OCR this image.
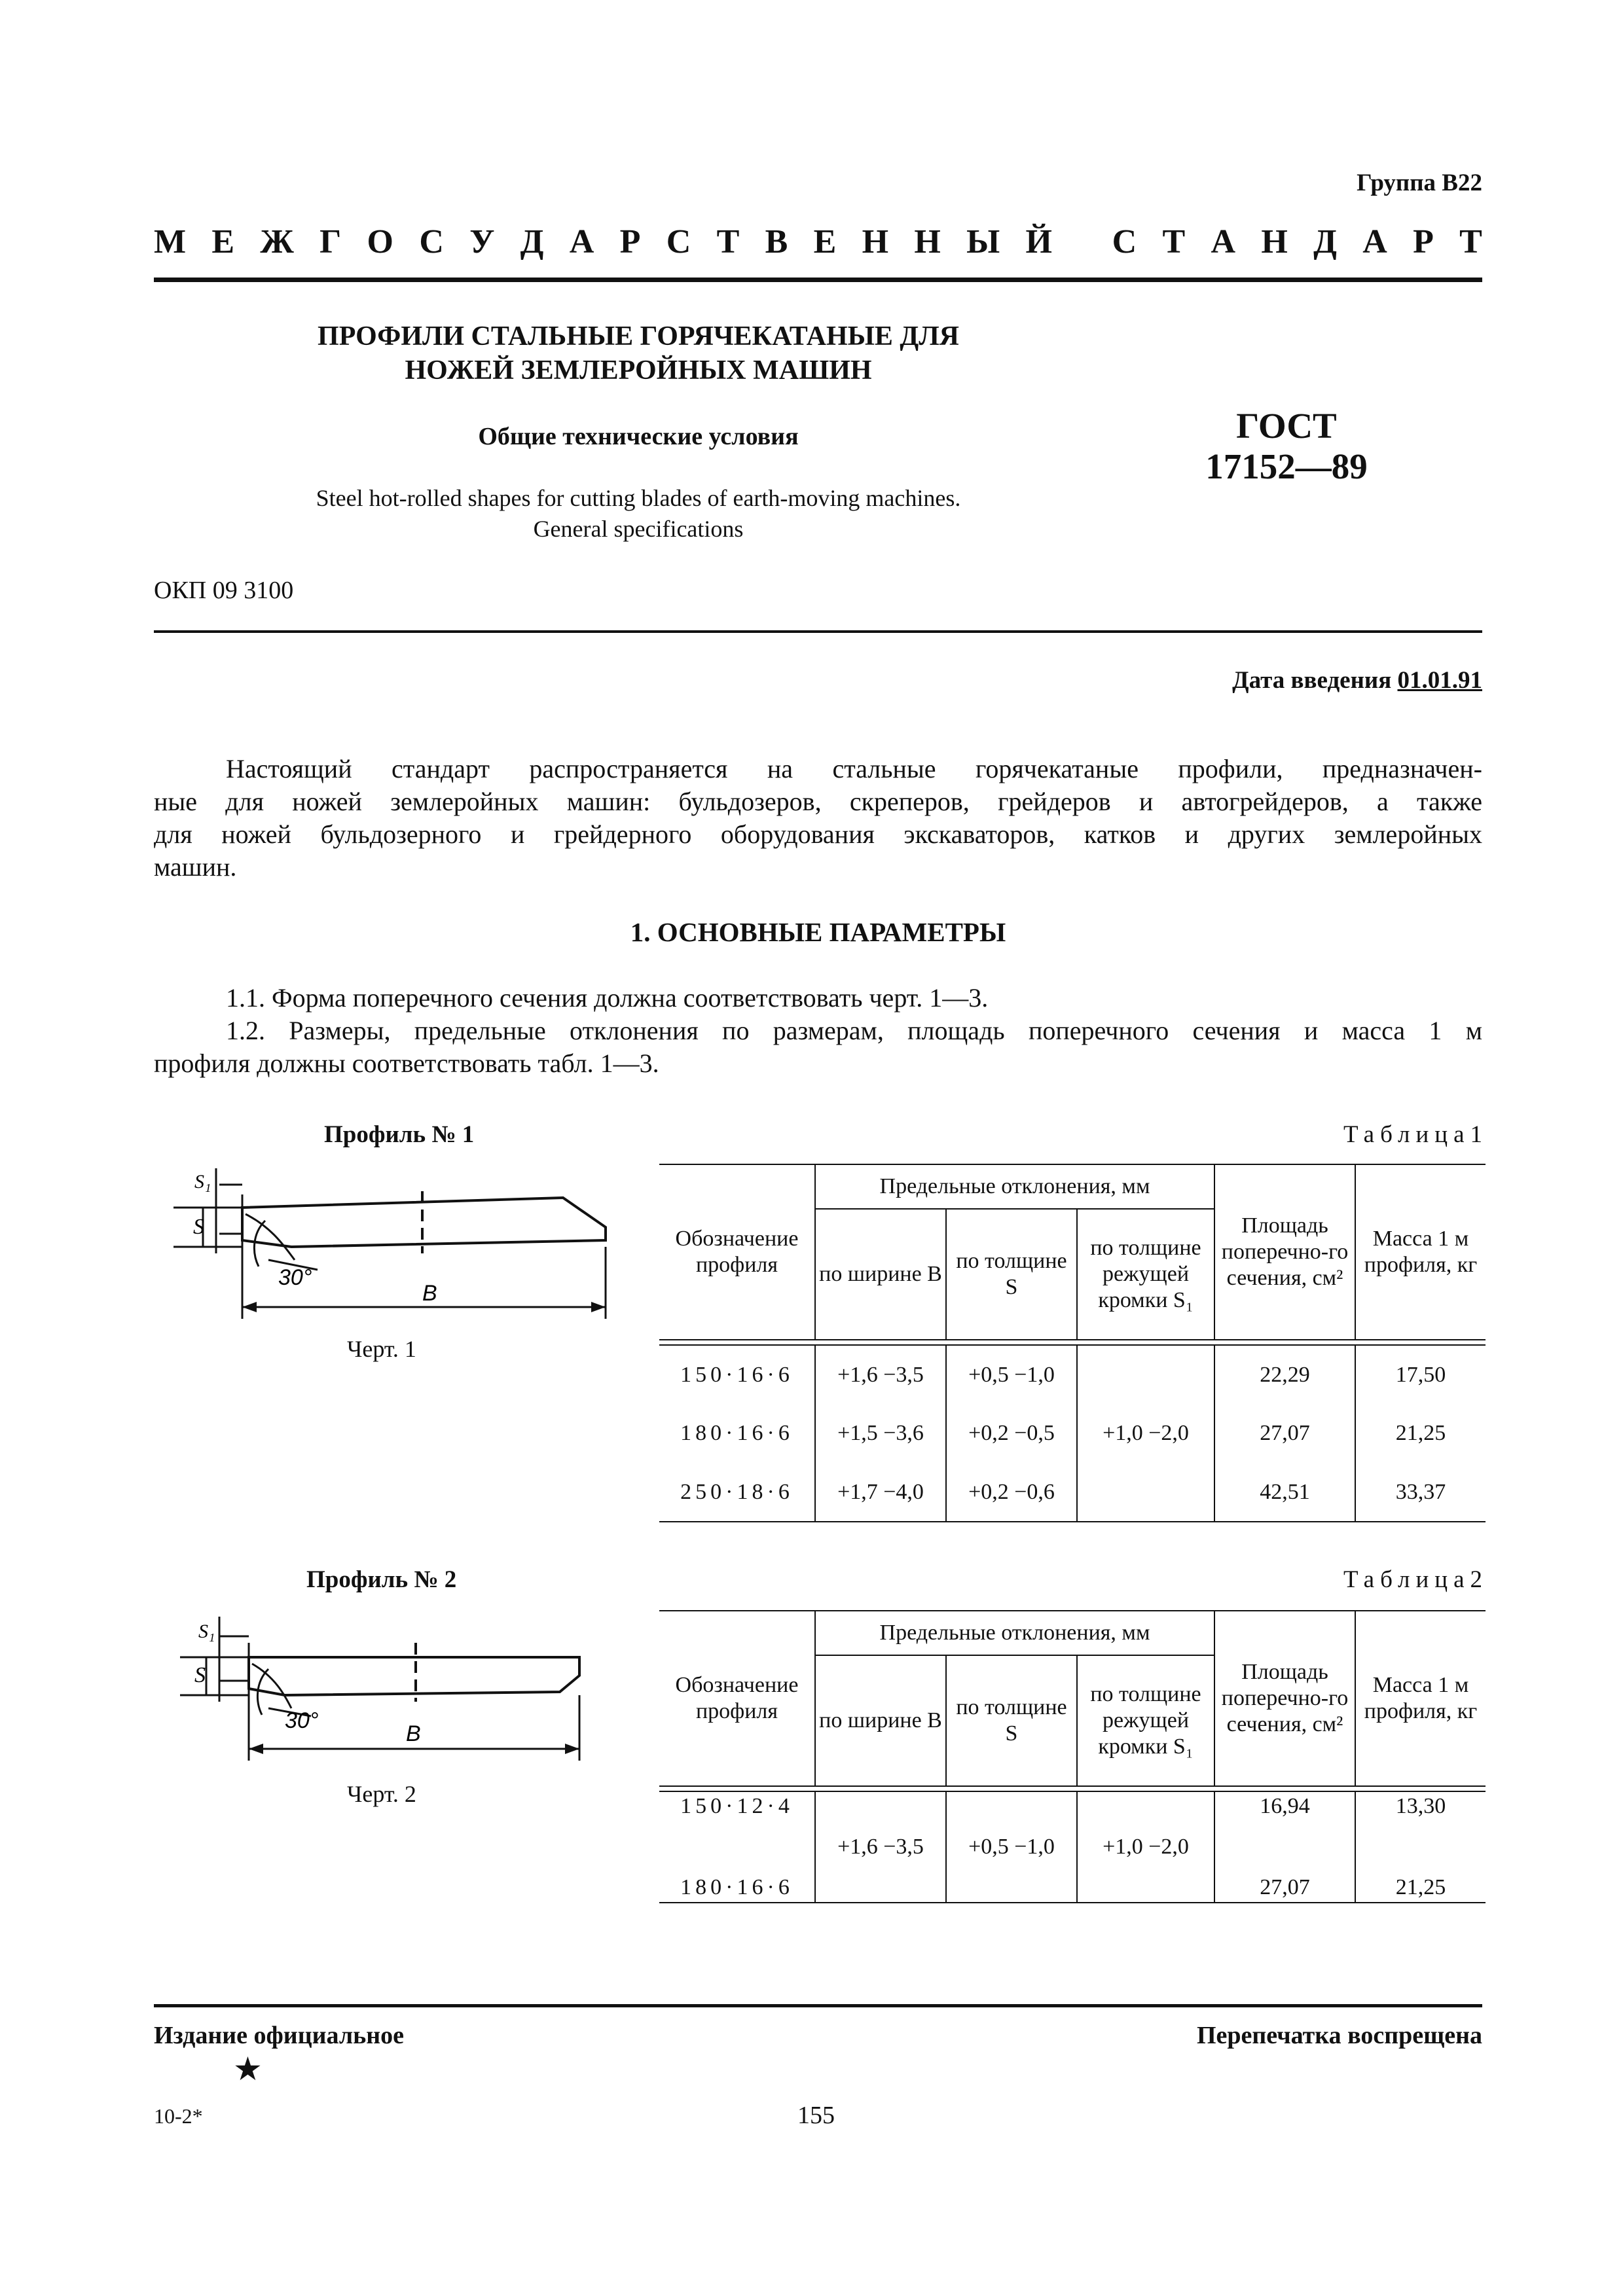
Группа В22
М Е Ж Г О С У Д А Р С Т В Е Н Н Ы Й
С Т А Н Д А Р Т
ПРОФИЛИ СТАЛЬНЫЕ ГОРЯЧЕКАТАНЫЕ ДЛЯ
НОЖЕЙ ЗЕМЛЕРОЙНЫХ МАШИН
Общие технические условия
Steel hot-rolled shapes for cutting blades of earth-moving machines.
General specifications
ГОСТ
17152—89
ОКП 09 3100
Дата введения 01.01.91
Настоящий стандарт распространяется на стальные горячекатаные профили, предназначен-
ные для ножей землеройных машин: бульдозеров, скреперов, грейдеров и автогрейдеров, а также
для ножей бульдозерного и грейдерного оборудования экскаваторов, катков и других землеройных
машин.
1. ОСНОВНЫЕ ПАРАМЕТРЫ
1.1. Форма поперечного сечения должна соответствовать черт. 1—3.
1.2. Размеры, предельные отклонения по размерам, площадь поперечного сечения и масса 1 м
профиля должны соответствовать табл. 1—3.
Профиль № 1	Таблица1
S
S₁
30°
B
Черт. 1
Обозначение профиля	Предельные отклонения, мм			Площадь поперечно-го сечения, см²	Масса 1 м профиля, кг
	по ширине B	по толщине S	по толщине режущей кромки S₁		

150·16·6	+1,6 −3,5	+0,5 −1,0	+1,0 −2,0	22,29	17,50
180·16·6	+1,5 −3,6	+0,2 −0,5		27,07	21,25
250·18·6	+1,7 −4,0	+0,2 −0,6		42,51	33,37
Профиль № 2	Таблица2
S
S₁
30°
B
Черт. 2
Обозначение профиля	Предельные отклонения, мм			Площадь поперечно-го сечения, см²	Масса 1 м профиля, кг
	по ширине B	по толщине S	по толщине режущей кромки S₁		

150·12·4	+1,6 −3,5	+0,5 −1,0	+1,0 −2,0	16,94	13,30
180·16·6				27,07	21,25
Издание официальное
★
Перепечатка воспрещена
10-2*	155
